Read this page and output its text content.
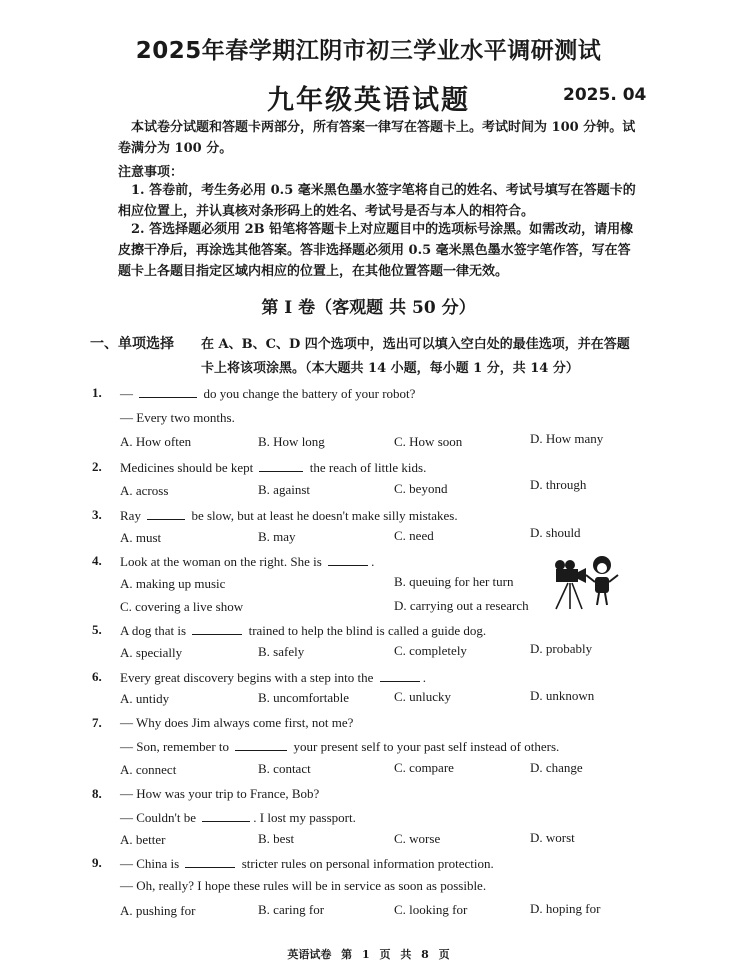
2025年春学期江阴市初三学业水平调研测试
九年级英语试题	2025. 04
本试卷分试题和答题卡两部分，所有答案一律写在答题卡上。考试时间为 100 分钟。试卷满分为 100 分。
注意事项：
1. 答卷前，考生务必用 0.5 毫米黑色墨水签字笔将自己的姓名、考试号填写在答题卡的相应位置上，并认真核对条形码上的姓名、考试号是否与本人的相符合。
2. 答选择题必须用 2B 铅笔将答题卡上对应题目中的选项标号涂黑。如需改动，请用橡皮擦干净后，再涂选其他答案。答非选择题必须用 0.5 毫米黑色墨水签字笔作答，写在答题卡上各题目指定区域内相应的位置上，在其他位置答题一律无效。
第 I 卷（客观题 共 50 分）
一、单项选择 在 A、B、C、D 四个选项中，选出可以填入空白处的最佳选项，并在答题卡上将该项涂黑。（本大题共 14 小题，每小题 1 分，共 14 分）
1. —	do you change the battery of your robot?
— Every two months.
A. How often	B. How long	C. How soon	D. How many
2. Medicines should be kept	the reach of little kids.
A. across	B. against	C. beyond	D. through
3. Ray	be slow, but at least he doesn't make silly mistakes.
A. must	B. may	C. need	D. should
4. Look at the woman on the right. She is	.
A. making up music	B. queuing for her turn
C. covering a live show	D. carrying out a research
5. A dog that is	trained to help the blind is called a guide dog.
A. specially	B. safely	C. completely	D. probably
6. Every great discovery begins with a step into the	.
A. untidy	B. uncomfortable	C. unlucky	D. unknown
7. — Why does Jim always come first, not me?
— Son, remember to	your present self to your past self instead of others.
A. connect	B. contact	C. compare	D. change
8. — How was your trip to France, Bob?
— Couldn't be	. I lost my passport.
A. better	B. best	C. worse	D. worst
9. — China is	stricter rules on personal information protection.
— Oh, really? I hope these rules will be in service as soon as possible.
A. pushing for	B. caring for	C. looking for	D. hoping for
英语试卷 第 1 页 共 8 页
